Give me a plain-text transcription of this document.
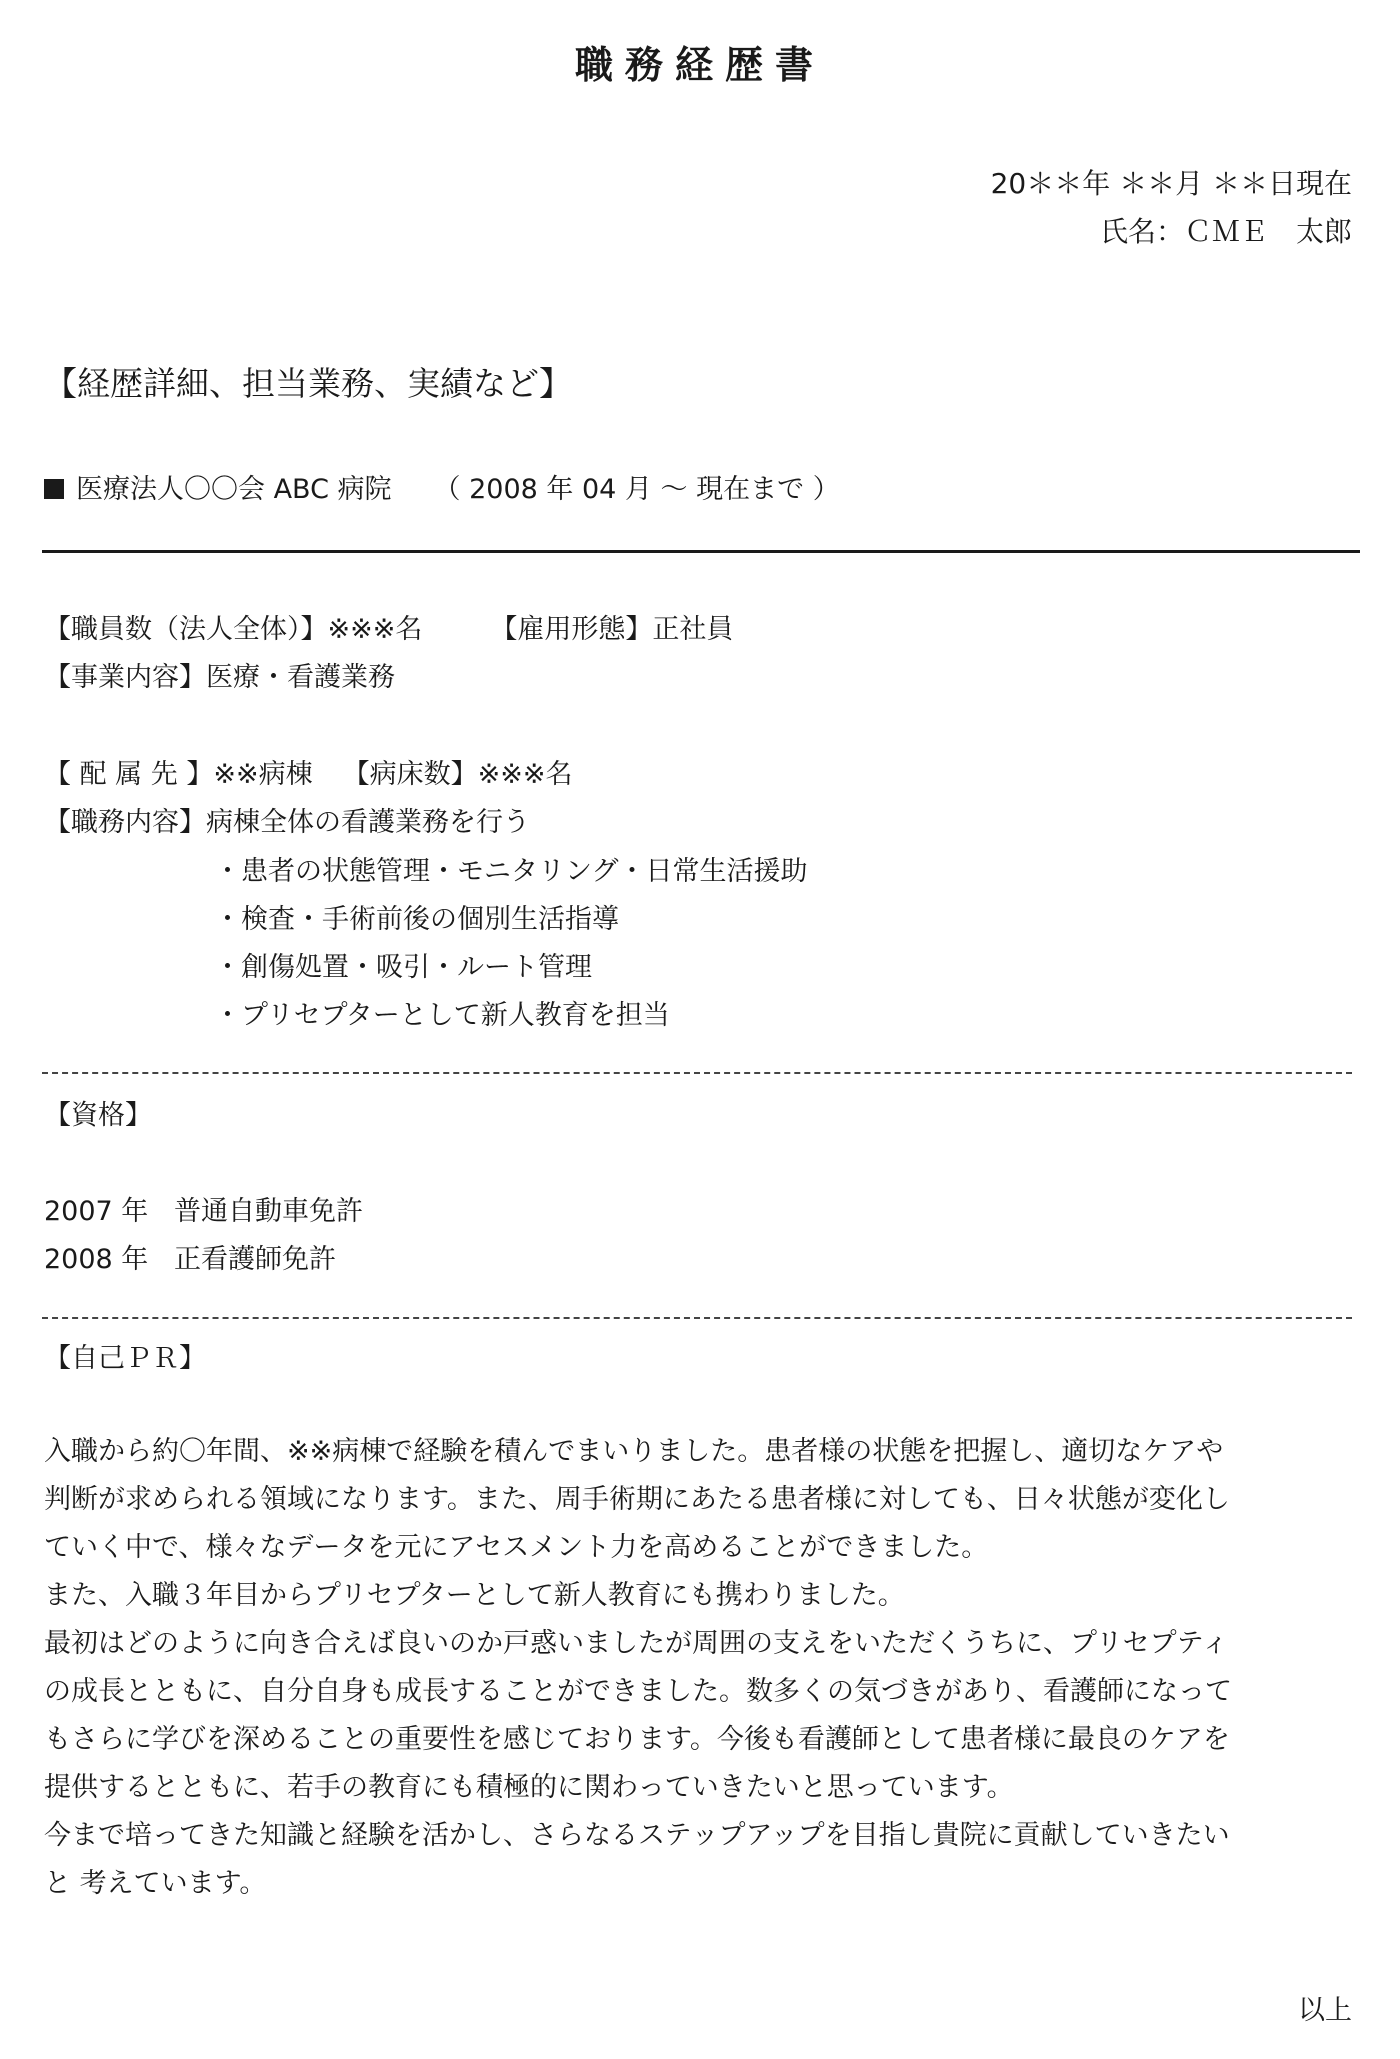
職務経歴書
20＊＊年 ＊＊月 ＊＊日現在
氏名：ＣＭＥ　太郎
【経歴詳細、担当業務、実績など】
医療法人〇〇会 ABC 病院 （ 2008 年 04 月 ～ 現在まで ）
【職員数（法人全体）】※※※名	【雇用形態】正社員
【事業内容】医療・看護業務
【 配 属 先 】※※病棟 【病床数】※※※名
【職務内容】病棟全体の看護業務を行う
・患者の状態管理・モニタリング・日常生活援助
・検査・手術前後の個別生活指導
・創傷処置・吸引・ルート管理
・プリセプターとして新人教育を担当
【資格】
2007 年 普通自動車免許
2008 年 正看護師免許
【自己ＰＲ】
入職から約〇年間、※※病棟で経験を積んでまいりました。患者様の状態を把握し、適切なケアや
判断が求められる領域になります。また、周手術期にあたる患者様に対しても、日々状態が変化し
ていく中で、様々なデータを元にアセスメント力を高めることができました。
また、入職３年目からプリセプターとして新人教育にも携わりました。
最初はどのように向き合えば良いのか戸惑いましたが周囲の支えをいただくうちに、プリセプティ
の成長とともに、自分自身も成長することができました。数多くの気づきがあり、看護師になって
もさらに学びを深めることの重要性を感じております。今後も看護師として患者様に最良のケアを
提供するとともに、若手の教育にも積極的に関わっていきたいと思っています。
今まで培ってきた知識と経験を活かし、さらなるステップアップを目指し貴院に貢献していきたい
と 考えています。
以上
